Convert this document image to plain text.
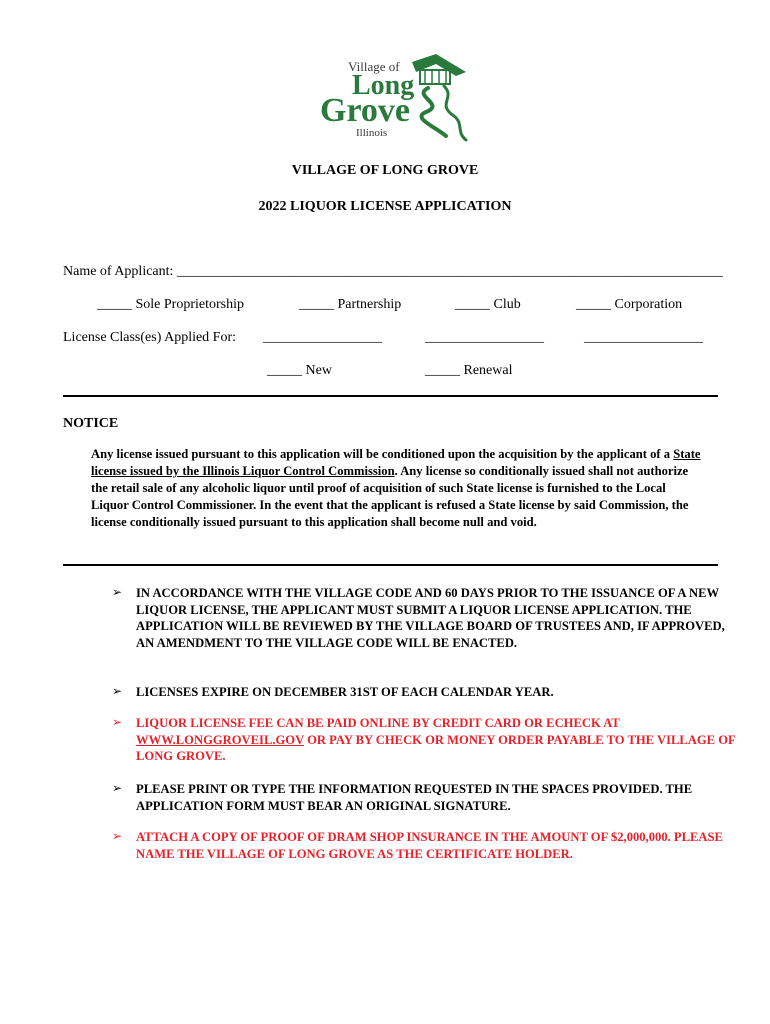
Village of
Long
Grove
Illinois
VILLAGE OF LONG GROVE
2022 LIQUOR LICENSE APPLICATION
Name of Applicant: ______________________________________________________________________________
_____ Sole Proprietorship	_____ Partnership	_____ Club	_____ Corporation
License Class(es) Applied For: _________________	_________________	_________________
_____ New	_____ Renewal
NOTICE
Any license issued pursuant to this application will be conditioned upon the acquisition by the applicant of a State license issued by the Illinois Liquor Control Commission. Any license so conditionally issued shall not authorize the retail sale of any alcoholic liquor until proof of acquisition of such State license is furnished to the Local Liquor Control Commissioner. In the event that the applicant is refused a State license by said Commission, the license conditionally issued pursuant to this application shall become null and void.
➢ IN ACCORDANCE WITH THE VILLAGE CODE AND 60 DAYS PRIOR TO THE ISSUANCE OF A NEW LIQUOR LICENSE, THE APPLICANT MUST SUBMIT A LIQUOR LICENSE APPLICATION. THE APPLICATION WILL BE REVIEWED BY THE VILLAGE BOARD OF TRUSTEES AND, IF APPROVED, AN AMENDMENT TO THE VILLAGE CODE WILL BE ENACTED.
➢ LICENSES EXPIRE ON DECEMBER 31ST OF EACH CALENDAR YEAR.
➢ LIQUOR LICENSE FEE CAN BE PAID ONLINE BY CREDIT CARD OR ECHECK AT WWW.LONGGROVEIL.GOV OR PAY BY CHECK OR MONEY ORDER PAYABLE TO THE VILLAGE OF LONG GROVE.
➢ PLEASE PRINT OR TYPE THE INFORMATION REQUESTED IN THE SPACES PROVIDED. THE APPLICATION FORM MUST BEAR AN ORIGINAL SIGNATURE.
➢ ATTACH A COPY OF PROOF OF DRAM SHOP INSURANCE IN THE AMOUNT OF $2,000,000. PLEASE NAME THE VILLAGE OF LONG GROVE AS THE CERTIFICATE HOLDER.
